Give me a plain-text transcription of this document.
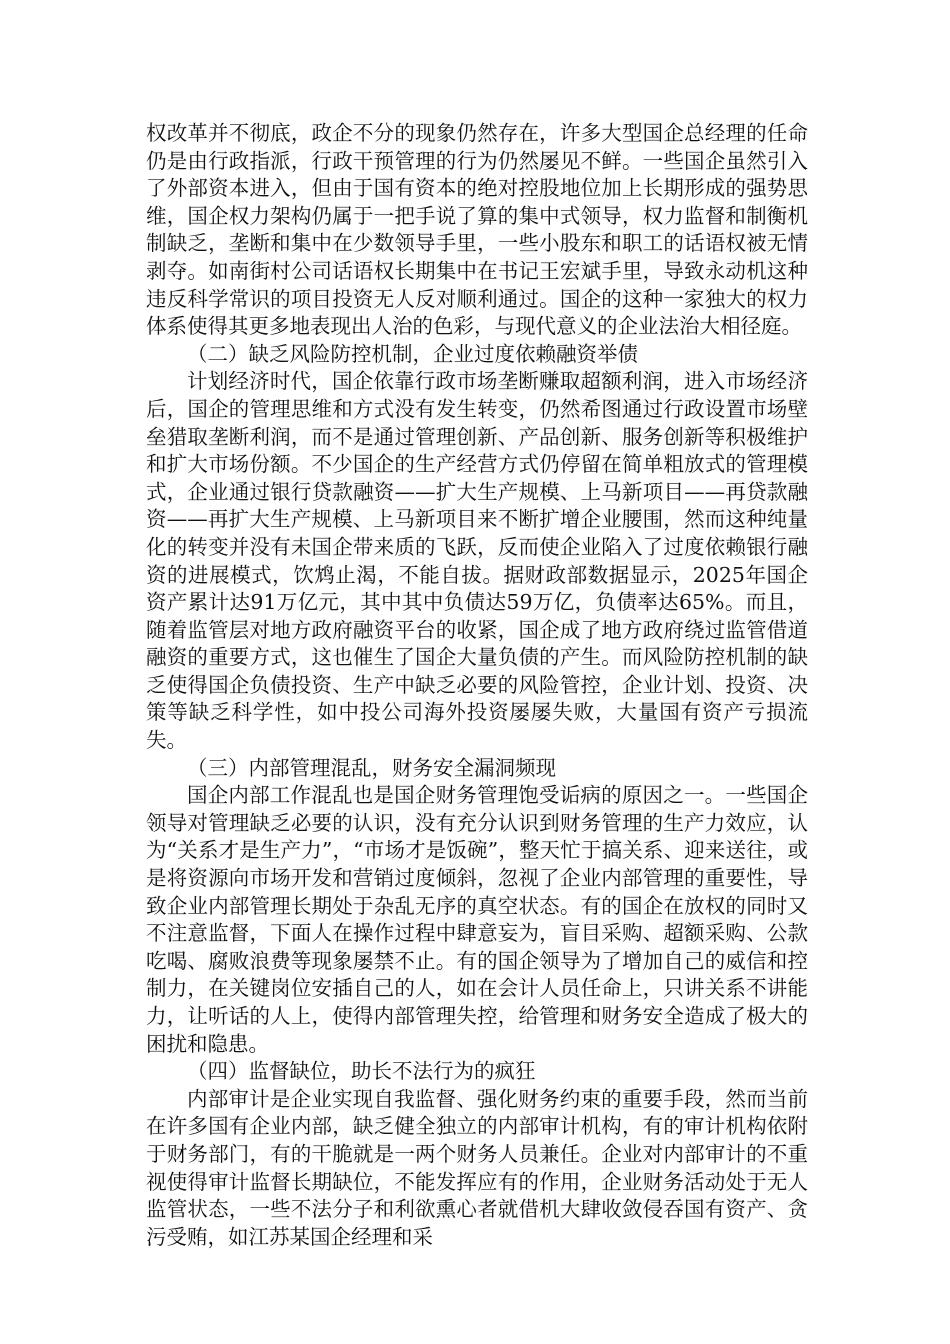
权改革并不彻底，政企不分的现象仍然存在，许多大型国企总经理的任命仍是由行政指派，行政干预管理的行为仍然屡见不鲜。一些国企虽然引入了外部资本进入，但由于国有资本的绝对控股地位加上长期形成的强势思维，国企权力架构仍属于一把手说了算的集中式领导，权力监督和制衡机制缺乏，垄断和集中在少数领导手里，一些小股东和职工的话语权被无情剥夺。如南街村公司话语权长期集中在书记王宏斌手里，导致永动机这种违反科学常识的项目投资无人反对顺利通过。国企的这种一家独大的权力体系使得其更多地表现出人治的色彩，与现代意义的企业法治大相径庭。

（二）缺乏风险防控机制，企业过度依赖融资举债

计划经济时代，国企依靠行政市场垄断赚取超额利润，进入市场经济后，国企的管理思维和方式没有发生转变，仍然希图通过行政设置市场壁垒猎取垄断利润，而不是通过管理创新、产品创新、服务创新等积极维护和扩大市场份额。不少国企的生产经营方式仍停留在简单粗放式的管理模式，企业通过银行贷款融资——扩大生产规模、上马新项目——再贷款融资——再扩大生产规模、上马新项目来不断扩增企业腰围，然而这种纯量化的转变并没有未国企带来质的飞跃，反而使企业陷入了过度依赖银行融资的进展模式，饮鸩止渴，不能自拔。据财政部数据显示，2025年国企资产累计达91万亿元，其中其中负债达59万亿，负债率达65%。而且，随着监管层对地方政府融资平台的收紧，国企成了地方政府绕过监管借道融资的重要方式，这也催生了国企大量负债的产生。而风险防控机制的缺乏使得国企负债投资、生产中缺乏必要的风险管控，企业计划、投资、决策等缺乏科学性，如中投公司海外投资屡屡失败，大量国有资产亏损流失。

（三）内部管理混乱，财务安全漏洞频现

国企内部工作混乱也是国企财务管理饱受诟病的原因之一。一些国企领导对管理缺乏必要的认识，没有充分认识到财务管理的生产力效应，认为“关系才是生产力”，“市场才是饭碗”，整天忙于搞关系、迎来送往，或是将资源向市场开发和营销过度倾斜，忽视了企业内部管理的重要性，导致企业内部管理长期处于杂乱无序的真空状态。有的国企在放权的同时又不注意监督，下面人在操作过程中肆意妄为，盲目采购、超额采购、公款吃喝、腐败浪费等现象屡禁不止。有的国企领导为了增加自己的威信和控制力，在关键岗位安插自己的人，如在会计人员任命上，只讲关系不讲能力，让听话的人上，使得内部管理失控，给管理和财务安全造成了极大的困扰和隐患。

（四）监督缺位，助长不法行为的疯狂

内部审计是企业实现自我监督、强化财务约束的重要手段，然而当前在许多国有企业内部，缺乏健全独立的内部审计机构，有的审计机构依附于财务部门，有的干脆就是一两个财务人员兼任。企业对内部审计的不重视使得审计监督长期缺位，不能发挥应有的作用，企业财务活动处于无人监管状态，一些不法分子和利欲熏心者就借机大肆收敛侵吞国有资产、贪污受贿，如江苏某国企经理和采
